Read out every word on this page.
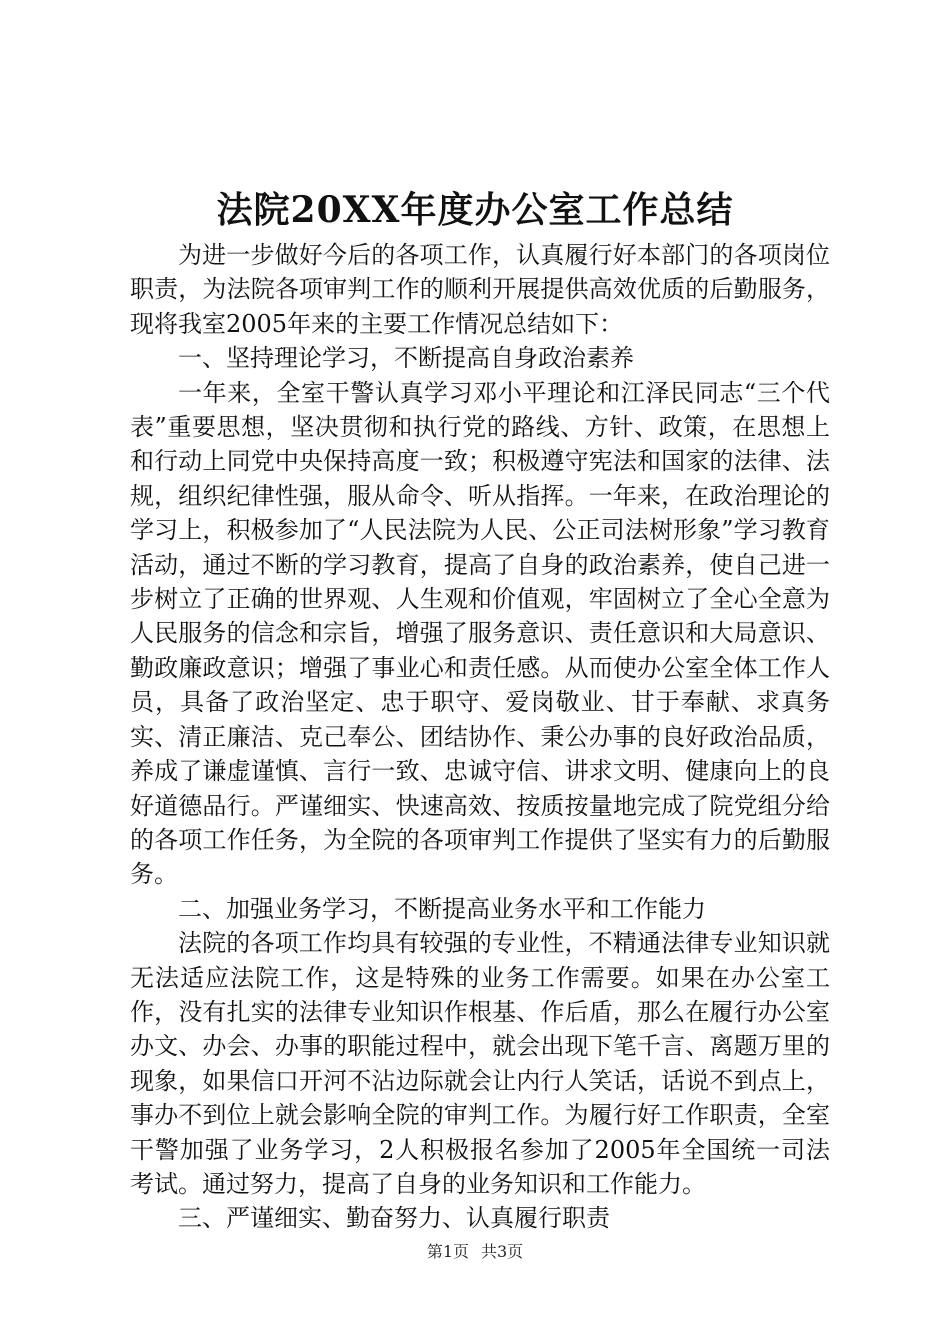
法院20XX年度办公室工作总结

为进一步做好今后的各项工作，认真履行好本部门的各项岗位职责，为法院各项审判工作的顺利开展提供高效优质的后勤服务，现将我室2005年来的主要工作情况总结如下：

一、坚持理论学习，不断提高自身政治素养

一年来，全室干警认真学习邓小平理论和江泽民同志“三个代表”重要思想，坚决贯彻和执行党的路线、方针、政策，在思想上和行动上同党中央保持高度一致；积极遵守宪法和国家的法律、法规，组织纪律性强，服从命令、听从指挥。一年来，在政治理论的学习上，积极参加了“人民法院为人民、公正司法树形象”学习教育活动，通过不断的学习教育，提高了自身的政治素养，使自己进一步树立了正确的世界观、人生观和价值观，牢固树立了全心全意为人民服务的信念和宗旨，增强了服务意识、责任意识和大局意识、勤政廉政意识；增强了事业心和责任感。从而使办公室全体工作人员，具备了政治坚定、忠于职守、爱岗敬业、甘于奉献、求真务实、清正廉洁、克己奉公、团结协作、秉公办事的良好政治品质，养成了谦虚谨慎、言行一致、忠诚守信、讲求文明、健康向上的良好道德品行。严谨细实、快速高效、按质按量地完成了院党组分给的各项工作任务，为全院的各项审判工作提供了坚实有力的后勤服务。

二、加强业务学习，不断提高业务水平和工作能力

法院的各项工作均具有较强的专业性，不精通法律专业知识就无法适应法院工作，这是特殊的业务工作需要。如果在办公室工作，没有扎实的法律专业知识作根基、作后盾，那么在履行办公室办文、办会、办事的职能过程中，就会出现下笔千言、离题万里的现象，如果信口开河不沾边际就会让内行人笑话，话说不到点上，事办不到位上就会影响全院的审判工作。为履行好工作职责，全室干警加强了业务学习，2人积极报名参加了2005年全国统一司法考试。通过努力，提高了自身的业务知识和工作能力。

三、严谨细实、勤奋努力、认真履行职责

第1页 共3页
